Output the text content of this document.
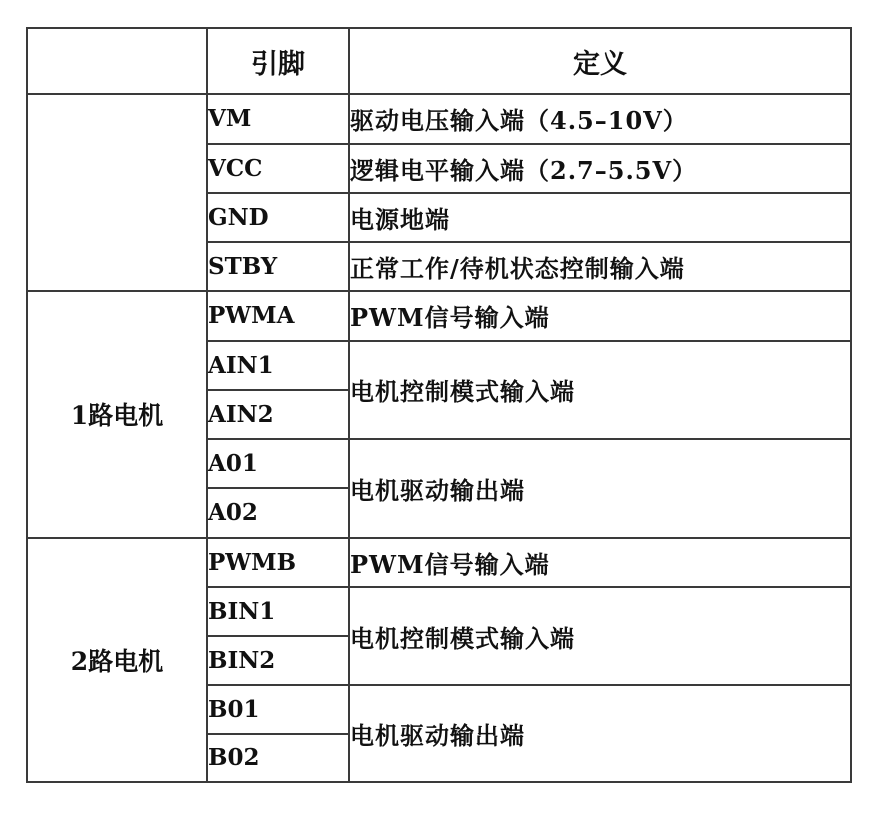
	引脚	定义
	VM	驱动电压输入端（4.5–10V）
	VCC	逻辑电平输入端（2.7–5.5V）
	GND	电源地端
	STBY	正常工作/待机状态控制输入端
1路电机	PWMA	PWM信号输入端
	AIN1	电机控制模式输入端
	AIN2	
	A01	电机驱动输出端
	A02	
2路电机	PWMB	PWM信号输入端
	BIN1	电机控制模式输入端
	BIN2	
	B01	电机驱动输出端
	B02	
